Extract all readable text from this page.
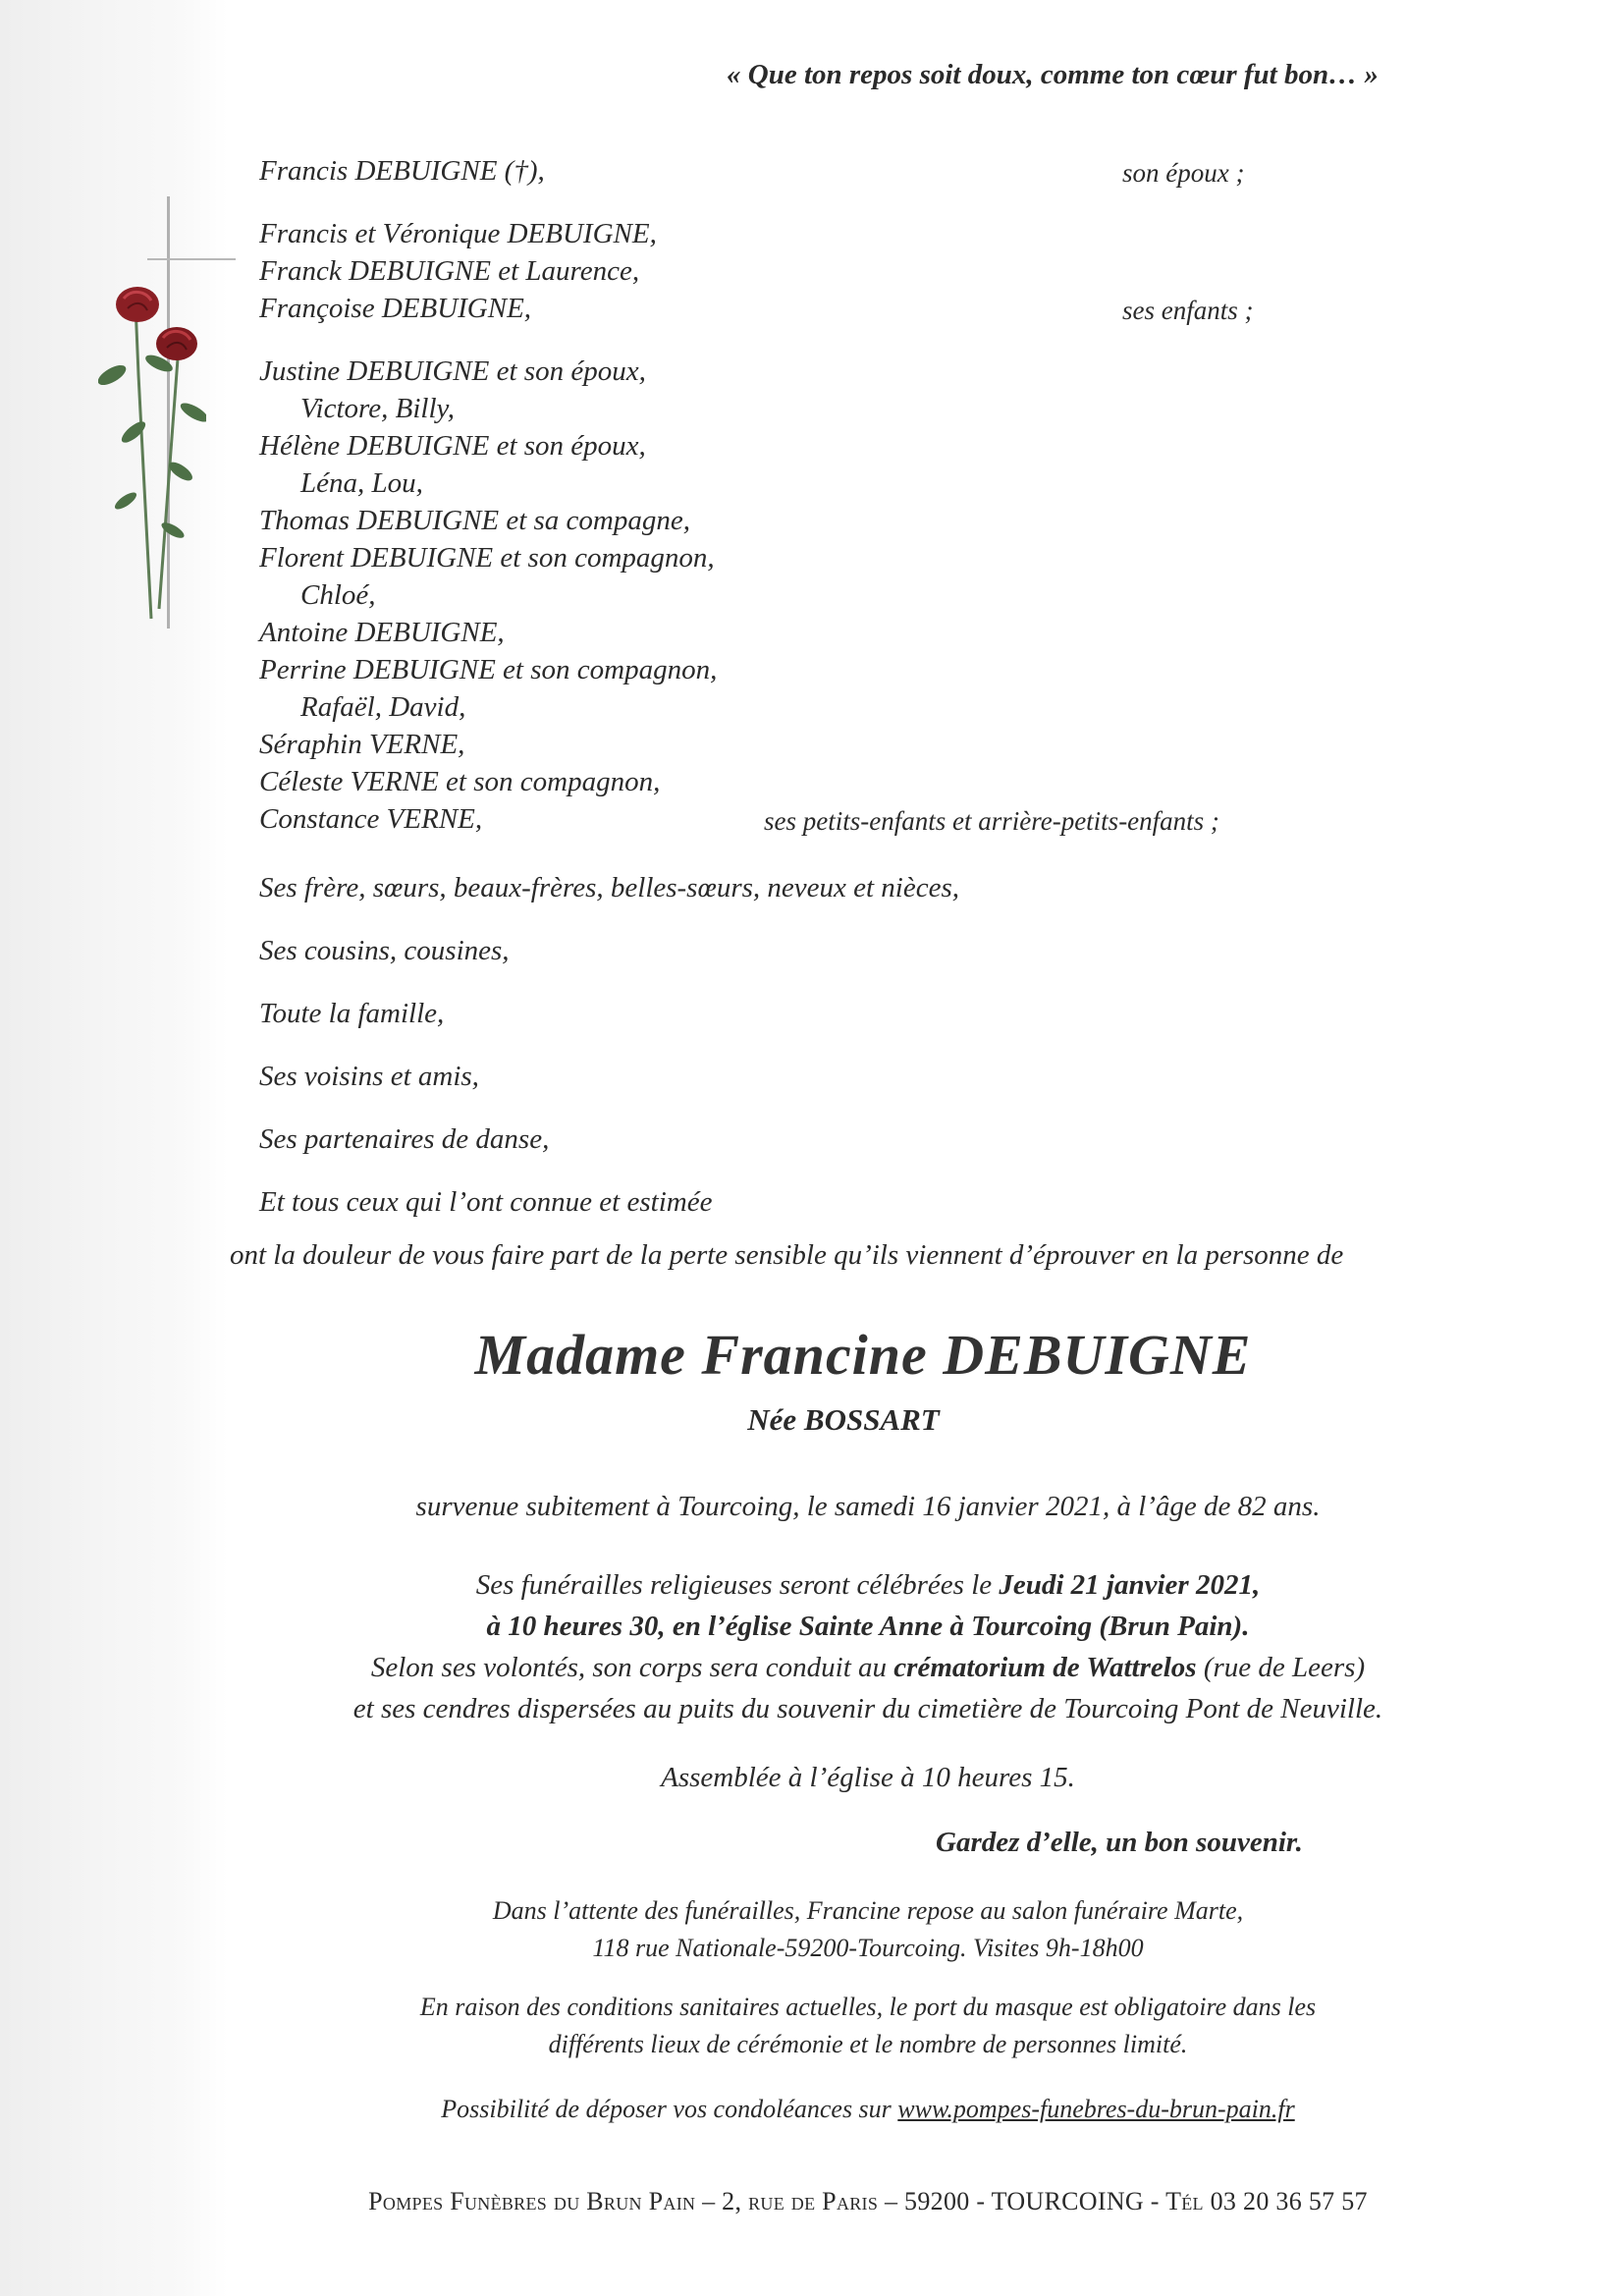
« Que ton repos soit doux, comme ton cœur fut bon… »
Francis DEBUIGNE (†),	son époux ;
Francis et Véronique DEBUIGNE,
Franck DEBUIGNE et Laurence,
Françoise DEBUIGNE,	ses enfants ;
Justine DEBUIGNE et son époux,
Victore, Billy,
Hélène DEBUIGNE et son époux,
Léna, Lou,
Thomas DEBUIGNE et sa compagne,
Florent DEBUIGNE et son compagnon,
Chloé,
Antoine DEBUIGNE,
Perrine DEBUIGNE et son compagnon,
Rafaël, David,
Séraphin VERNE,
Céleste VERNE et son compagnon,
Constance VERNE,	ses petits-enfants et arrière-petits-enfants ;
Ses frère, sœurs, beaux-frères, belles-sœurs, neveux et nièces,
Ses cousins, cousines,
Toute la famille,
Ses voisins et amis,
Ses partenaires de danse,
Et tous ceux qui l’ont connue et estimée
ont la douleur de vous faire part de la perte sensible qu’ils viennent d’éprouver en la personne de
Madame Francine DEBUIGNE
Née BOSSART
survenue subitement à Tourcoing, le samedi 16 janvier 2021, à l’âge de 82 ans.
Ses funérailles religieuses seront célébrées le Jeudi 21 janvier 2021,
à 10 heures 30, en l’église Sainte Anne à Tourcoing (Brun Pain).
Selon ses volontés, son corps sera conduit au crématorium de Wattrelos (rue de Leers)
et ses cendres dispersées au puits du souvenir du cimetière de Tourcoing Pont de Neuville.
Assemblée à l’église à 10 heures 15.
Gardez d’elle, un bon souvenir.
Dans l’attente des funérailles, Francine repose au salon funéraire Marte,
118 rue Nationale-59200-Tourcoing. Visites 9h-18h00
En raison des conditions sanitaires actuelles, le port du masque est obligatoire dans les
différents lieux de cérémonie et le nombre de personnes limité.
Possibilité de déposer vos condoléances sur www.pompes-funebres-du-brun-pain.fr
Pompes Funèbres du Brun Pain – 2, rue de Paris – 59200 - TOURCOING - Tél 03 20 36 57 57
